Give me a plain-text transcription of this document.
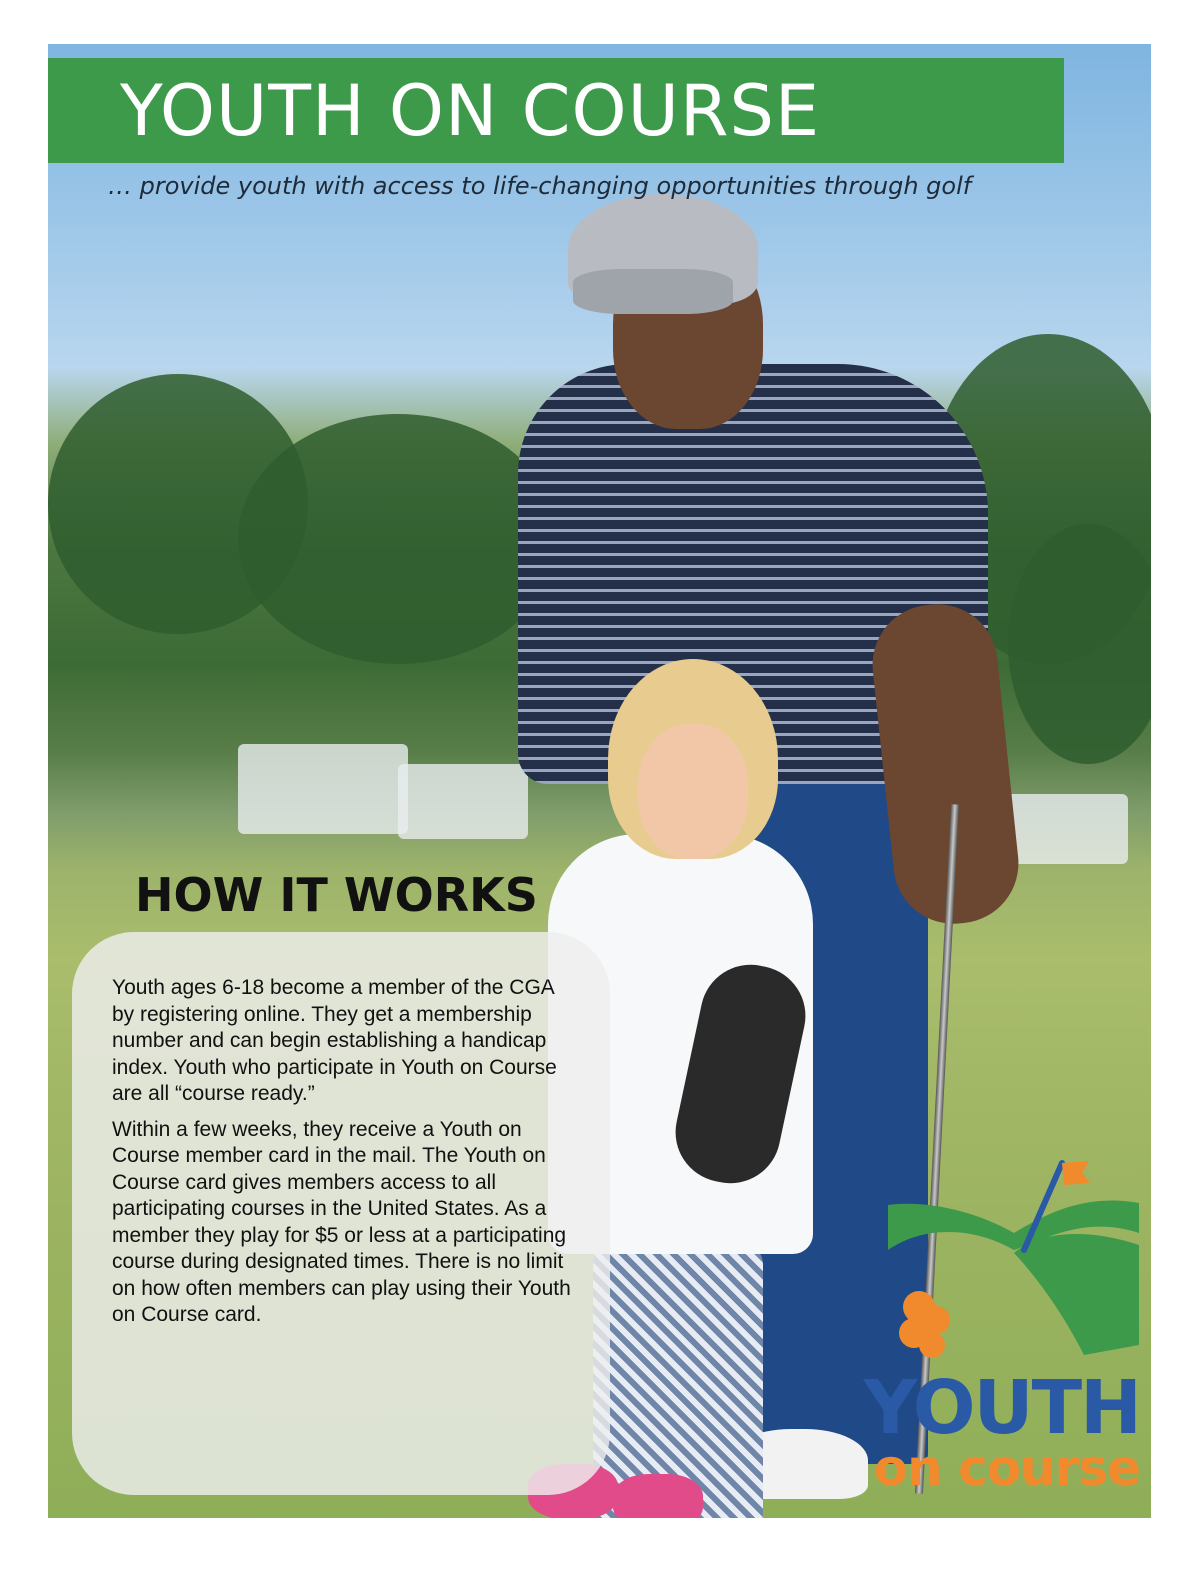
YOUTH ON COURSE

… provide youth with access to life-changing opportunities through golf

HOW IT WORKS

Youth ages 6-18 become a member of the CGA by registering online. They get a membership number and can begin establishing a handicap index. Youth who participate in Youth on Course are all “course ready.”

Within a few weeks, they receive a Youth on Course member card in the mail. The Youth on Course card gives members access to all participating courses in the United States. As a member they play for $5 or less at a participating course during designated times. There is no limit on how often members can play using their Youth on Course card.

YOUTH

on course
